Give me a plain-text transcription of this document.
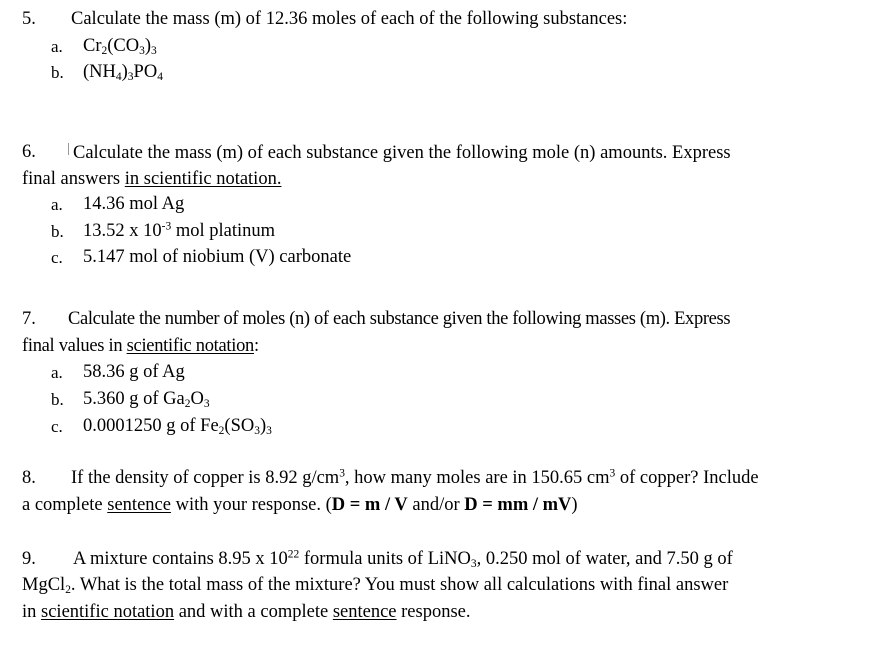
5. Calculate the mass (m) of 12.36 moles of each of the following substances:
a. $Cr_2(CO_3)_3$
b. $(NH_4)_3PO_4$
6.	Calculate the mass (m) of each substance given the following mole (n) amounts. Express
final answers in scientific notation.
a. 14.36 mol Ag
b. 13.52 x $10^{-3}$ mol platinum
c. 5.147 mol of niobium (V) carbonate
7. Calculate the number of moles (n) of each substance given the following masses (m). Express
final values in scientific notation:
a. 58.36 g of Ag
b. 5.360 g of $Ga_2O_3$
c. 0.0001250 g of $Fe_2(SO_3)_3$
8. If the density of copper is 8.92 $g/cm^3$, how many moles are in 150.65 $cm^3$ of copper? Include
a complete sentence with your response. (D = m / V and/or D = mm / mV)
9. A mixture contains 8.95 x $10^{22}$ formula units of LiNO$_3$, 0.250 mol of water, and 7.50 g of
MgCl$_2$. What is the total mass of the mixture? You must show all calculations with final answer
in scientific notation and with a complete sentence response.
